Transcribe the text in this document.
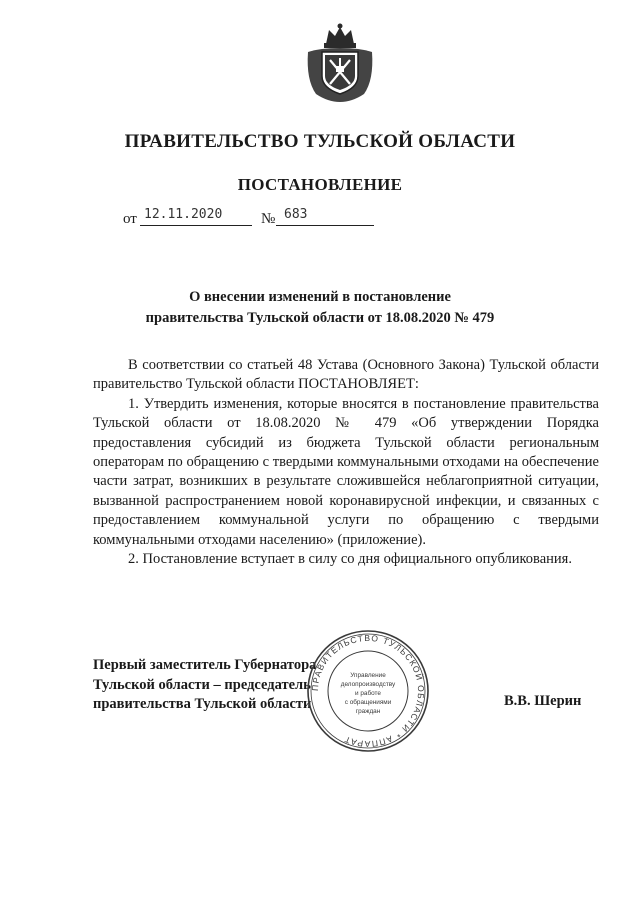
ПРАВИТЕЛЬСТВО ТУЛЬСКОЙ ОБЛАСТИ
ПОСТАНОВЛЕНИЕ
от 12.11.2020	№ 683
О внесении изменений в постановление
правительства Тульской области от 18.08.2020 № 479

В соответствии со статьей 48 Устава (Основного Закона) Тульской области правительство Тульской области ПОСТАНОВЛЯЕТ:

1. Утвердить изменения, которые вносятся в постановление правительства Тульской области от 18.08.2020 № 479 «Об утверждении Порядка предоставления субсидий из бюджета Тульской области региональным операторам по обращению с твердыми коммунальными отходами на обеспечение части затрат, возникших в результате сложившейся неблагоприятной ситуации, вызванной распространением новой коронавирусной инфекции, и связанных с предоставлением коммунальной услуги по обращению с твердыми коммунальными отходами населению» (приложение).

2. Постановление вступает в силу со дня официального опубликования.

Первый заместитель Губернатора
Тульской области – председатель
правительства Тульской области	В.В. Шерин
ПРАВИТЕЛЬСТВО ТУЛЬСКОЙ ОБЛАСТИ * АППАРАТ
Управление
делопроизводству
и работе
с обращениями
граждан
